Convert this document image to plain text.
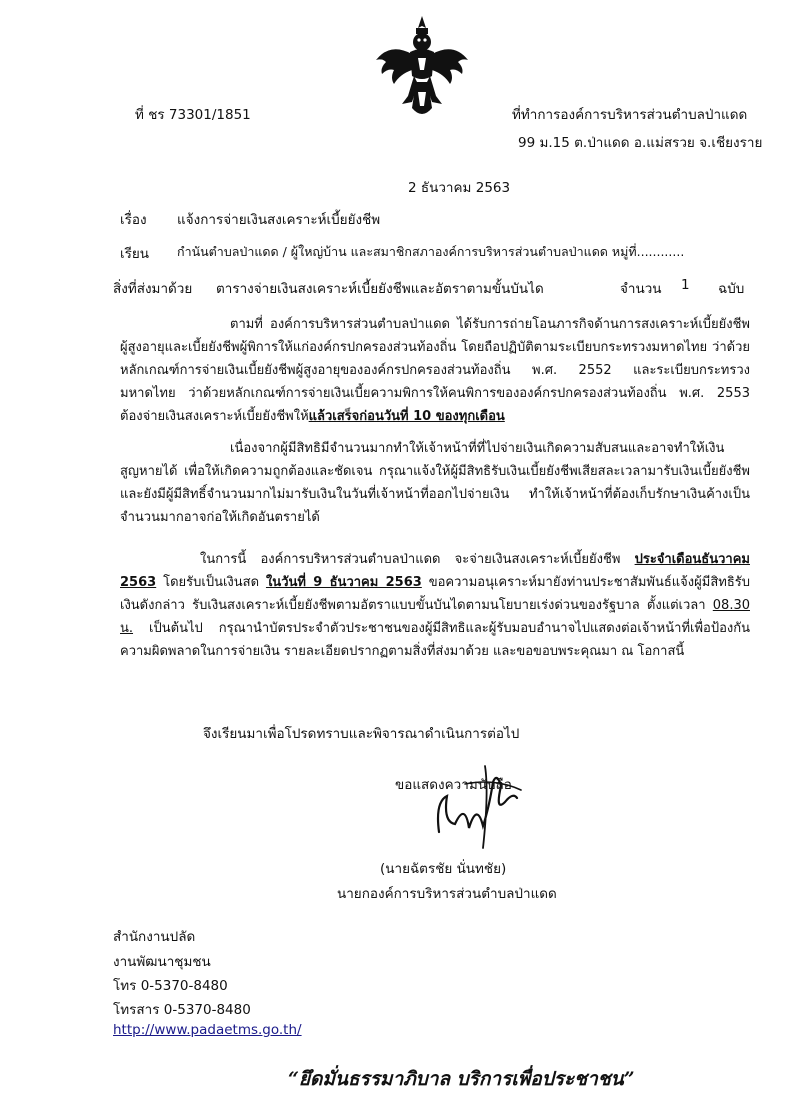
ที่ ชร 73301/1851	ที่ทำการองค์การบริหารส่วนตำบลป่าแดด
99 ม.15 ต.ป่าแดด อ.แม่สรวย จ.เชียงราย
2 ธันวาคม 2563
เรื่อง แจ้งการจ่ายเงินสงเคราะห์เบี้ยยังชีพ
เรียน กำนันตำบลป่าแดด / ผู้ใหญ่บ้าน และสมาชิกสภาองค์การบริหารส่วนตำบลป่าแดด หมู่ที่............
สิ่งที่ส่งมาด้วย ตารางจ่ายเงินสงเคราะห์เบี้ยยังชีพและอัตราตามขั้นบันได	จำนวน 1 ฉบับ
ตามที่ องค์การบริหารส่วนตำบลป่าแดด ได้รับการถ่ายโอนภารกิจด้านการสงเคราะห์เบี้ยยังชีพผู้สูงอายุและเบี้ยยังชีพผู้พิการให้แก่องค์กรปกครองส่วนท้องถิ่น โดยถือปฏิบัติตามระเบียบกระทรวงมหาดไทย ว่าด้วยหลักเกณฑ์การจ่ายเงินเบี้ยยังชีพผู้สูงอายุขององค์กรปกครองส่วนท้องถิ่น พ.ศ. 2552 และระเบียบกระทรวงมหาดไทย ว่าด้วยหลักเกณฑ์การจ่ายเงินเบี้ยความพิการให้คนพิการขององค์กรปกครองส่วนท้องถิ่น พ.ศ. 2553 ต้องจ่ายเงินสงเคราะห์เบี้ยยังชีพให้แล้วเสร็จก่อนวันที่ 10 ของทุกเดือน
เนื่องจากผู้มีสิทธิมีจำนวนมากทำให้เจ้าหน้าที่ที่ไปจ่ายเงินเกิดความสับสนและอาจทำให้เงินสูญหายได้ เพื่อให้เกิดความถูกต้องและชัดเจน กรุณาแจ้งให้ผู้มีสิทธิรับเงินเบี้ยยังชีพเสียสละเวลามารับเงินเบี้ยยังชีพ และยังมีผู้มีสิทธิ์จำนวนมากไม่มารับเงินในวันที่เจ้าหน้าที่ออกไปจ่ายเงิน ทำให้เจ้าหน้าที่ต้องเก็บรักษาเงินค้างเป็นจำนวนมากอาจก่อให้เกิดอันตรายได้
ในการนี้ องค์การบริหารส่วนตำบลป่าแดด จะจ่ายเงินสงเคราะห์เบี้ยยังชีพ ประจำเดือนธันวาคม 2563 โดยรับเป็นเงินสด ในวันที่ 9 ธันวาคม 2563 ขอความอนุเคราะห์มายังท่านประชาสัมพันธ์แจ้งผู้มีสิทธิรับเงินดังกล่าว รับเงินสงเคราะห์เบี้ยยังชีพตามอัตราแบบขั้นบันไดตามนโยบายเร่งด่วนของรัฐบาล ตั้งแต่เวลา 08.30 น. เป็นต้นไป กรุณานำบัตรประจำตัวประชาชนของผู้มีสิทธิและผู้รับมอบอำนาจไปแสดงต่อเจ้าหน้าที่เพื่อป้องกันความผิดพลาดในการจ่ายเงิน รายละเอียดปรากฏตามสิ่งที่ส่งมาด้วย และขอขอบพระคุณมา ณ โอกาสนี้
จึงเรียนมาเพื่อโปรดทราบและพิจารณาดำเนินการต่อไป
ขอแสดงความนับถือ
(นายฉัตรชัย นั่นทชัย)
นายกองค์การบริหารส่วนตำบลป่าแดด
สำนักงานปลัด
งานพัฒนาชุมชน
โทร 0-5370-8480
โทรสาร 0-5370-8480
http://www.padaetms.go.th/
“ยึดมั่นธรรมาภิบาล บริการเพื่อประชาชน”
